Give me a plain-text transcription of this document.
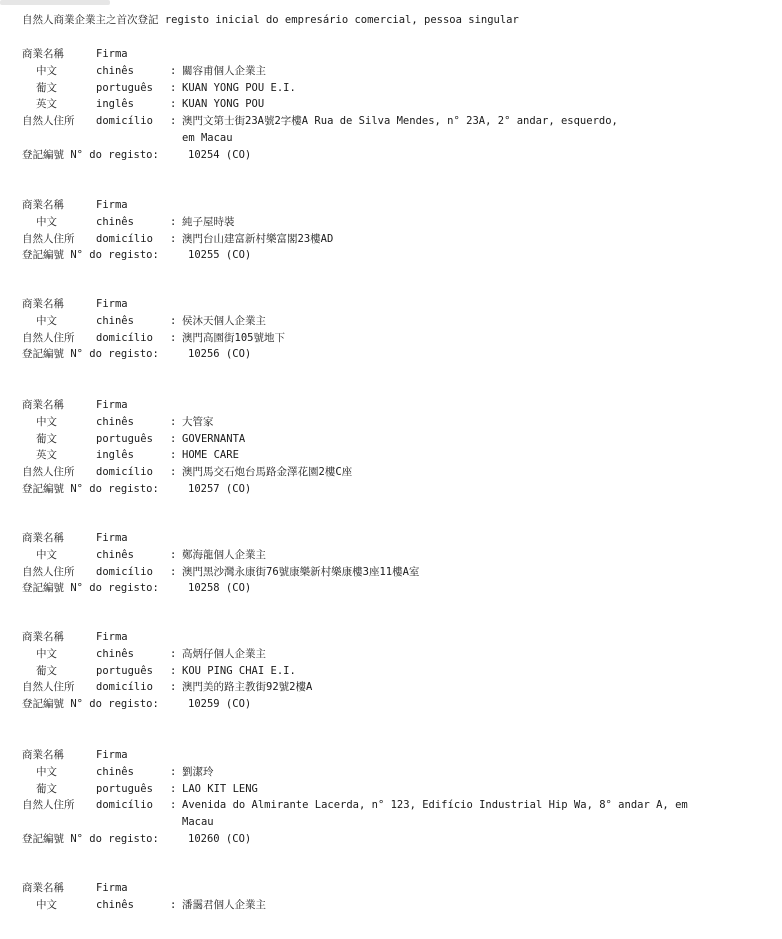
自然人商業企業主之首次登記 registo inicial do empresário comercial, pessoa singular
商業名稱	Firma
中文	chinês	: 關容甫個人企業主
葡文	português : KUAN YONG POU E.I.
英文	inglês	: KUAN YONG POU
自然人住所 domicílio : 澳門文第士街23A號2字樓A Rua de Silva Mendes, n° 23A, 2° andar, esquerdo,
em Macau
登記編號 N° do registo:	10254 (CO)
商業名稱	Firma
中文	chinês	: 純子屋時裝
自然人住所 domicílio : 澳門台山建富新村樂富閣23樓AD
登記編號 N° do registo:	10255 (CO)
商業名稱	Firma
中文	chinês	: 侯沐天個人企業主
自然人住所 domicílio : 澳門高園街105號地下
登記編號 N° do registo:	10256 (CO)
商業名稱	Firma
中文	chinês	: 大管家
葡文	português : GOVERNANTA
英文	inglês	: HOME CARE
自然人住所 domicílio : 澳門馬交石炮台馬路金澤花園2樓C座
登記編號 N° do registo:	10257 (CO)
商業名稱	Firma
中文	chinês	: 鄭海龍個人企業主
自然人住所 domicílio : 澳門黑沙灣永康街76號康樂新村樂康樓3座11樓A室
登記編號 N° do registo:	10258 (CO)
商業名稱	Firma
中文	chinês	: 高炳仔個人企業主
葡文	português : KOU PING CHAI E.I.
自然人住所 domicílio : 澳門美的路主教街92號2樓A
登記編號 N° do registo:	10259 (CO)
商業名稱	Firma
中文	chinês	: 劉潔玲
葡文	português : LAO KIT LENG
自然人住所 domicílio : Avenida do Almirante Lacerda, n° 123, Edifício Industrial Hip Wa, 8° andar A, em
Macau
登記編號 N° do registo:	10260 (CO)
商業名稱	Firma
中文	chinês	: 潘靄君個人企業主
